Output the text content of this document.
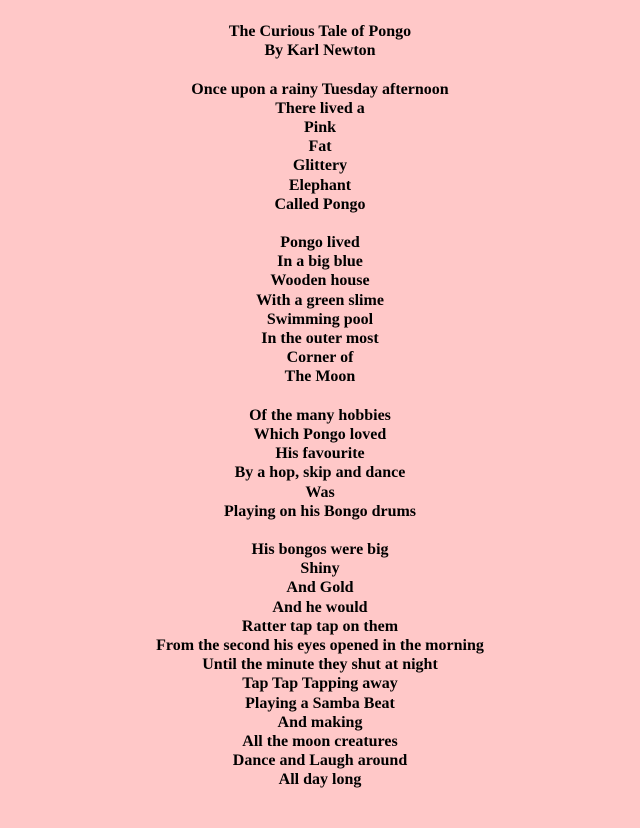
The Curious Tale of Pongo
By Karl Newton
Once upon a rainy Tuesday afternoon
There lived a
Pink
Fat
Glittery
Elephant
Called Pongo
Pongo lived
In a big blue
Wooden house
With a green slime
Swimming pool
In the outer most
Corner of
The Moon
Of the many hobbies
Which Pongo loved
His favourite
By a hop, skip and dance
Was
Playing on his Bongo drums
His bongos were big
Shiny
And Gold
And he would
Ratter tap tap on them
From the second his eyes opened in the morning
Until the minute they shut at night
Tap Tap Tapping away
Playing a Samba Beat
And making
All the moon creatures
Dance and Laugh around
All day long
